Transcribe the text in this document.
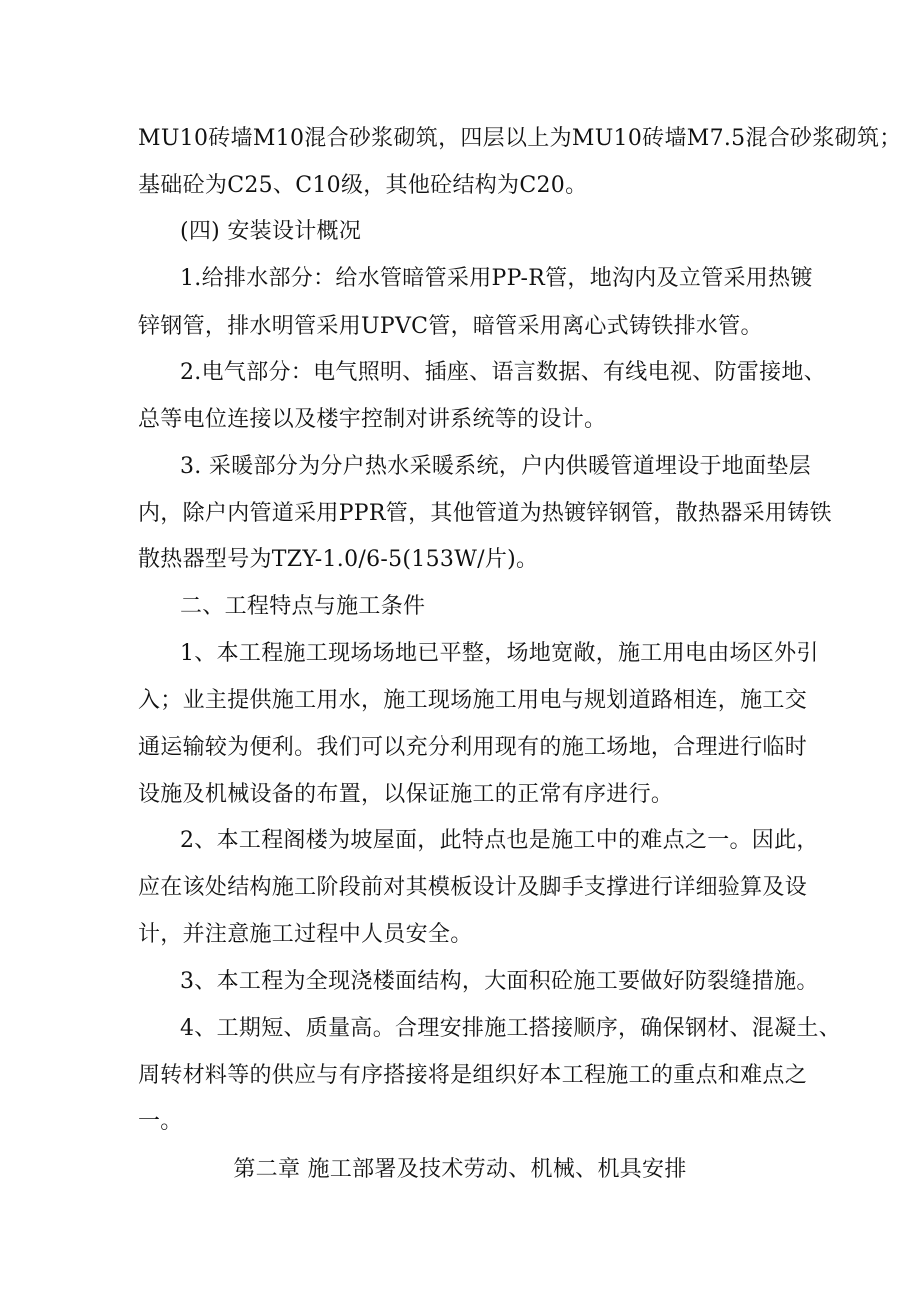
MU10砖墙M10混合砂浆砌筑，四层以上为MU10砖墙M7.5混合砂浆砌筑；
基础砼为C25、C10级，其他砼结构为C20。
(四) 安装设计概况
1.给排水部分：给水管暗管采用PP-R管，地沟内及立管采用热镀
锌钢管，排水明管采用UPVC管，暗管采用离心式铸铁排水管。
2.电气部分：电气照明、插座、语言数据、有线电视、防雷接地、
总等电位连接以及楼宇控制对讲系统等的设计。
3. 采暖部分为分户热水采暖系统，户内供暖管道埋设于地面垫层
内，除户内管道采用PPR管，其他管道为热镀锌钢管，散热器采用铸铁
散热器型号为TZY-1.0/6-5(153W/片)。
二、工程特点与施工条件
1、本工程施工现场场地已平整，场地宽敞，施工用电由场区外引
入；业主提供施工用水，施工现场施工用电与规划道路相连，施工交
通运输较为便利。我们可以充分利用现有的施工场地，合理进行临时
设施及机械设备的布置，以保证施工的正常有序进行。
2、本工程阁楼为坡屋面，此特点也是施工中的难点之一。因此，
应在该处结构施工阶段前对其模板设计及脚手支撑进行详细验算及设
计，并注意施工过程中人员安全。
3、本工程为全现浇楼面结构，大面积砼施工要做好防裂缝措施。
4、工期短、质量高。合理安排施工搭接顺序，确保钢材、混凝土、
周转材料等的供应与有序搭接将是组织好本工程施工的重点和难点之
一。
第二章 施工部署及技术劳动、机械、机具安排
